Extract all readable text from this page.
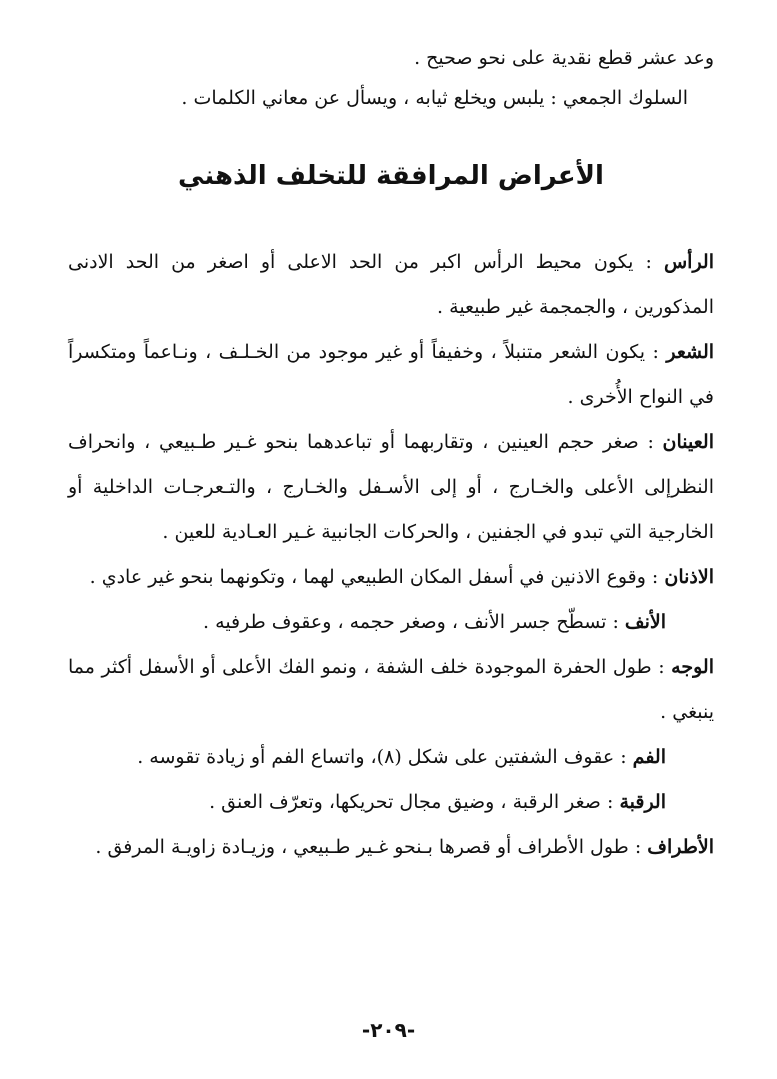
وعد عشر قطع نقدية على نحو صحيح .

السلوك الجمعي : يلبس ويخلع ثيابه ، ويسأل عن معاني الكلمات .

الأعراض المرافقة للتخلف الذهني

الرأس : يكون محيط الرأس اكبر من الحد الاعلى أو اصغر من الحد الادنى المذكورين ، والجمجمة غير طبيعية .

الشعر : يكون الشعر متنبلاً ، وخفيفاً أو غير موجود من الخـلـف ، ونـاعماً ومتكسراً في النواح الأُخرى .

العينان : صغر حجم العينين ، وتقاربهما أو تباعدهما بنحو غـير طـبيعي ، وانحراف النظرإلى الأعلى والخـارج ، أو إلى الأسـفل والخـارج ، والتـعرجـات الداخلية أو الخارجية التي تبدو في الجفنين ، والحركات الجانبية غـير العـادية للعين .

الاذنان : وقوع الاذنين في أسفل المكان الطبيعي لهما ، وتكونهما بنحو غير عادي .

الأنف : تسطّح جسر الأنف ، وصغر حجمه ، وعقوف طرفيه .

الوجه : طول الحفرة الموجودة خلف الشفة ، ونمو الفك الأعلى أو الأسفل أكثر مما ينبغي .

الفم : عقوف الشفتين على شكل (٨)، واتساع الفم أو زيادة تقوسه .

الرقبة : صغر الرقبة ، وضيق مجال تحريكها، وتعرّف العنق .

الأطراف : طول الأطراف أو قصرها بـنحو غـير طـبيعي ، وزيـادة زاويـة المرفق .

-٢٠٩-
